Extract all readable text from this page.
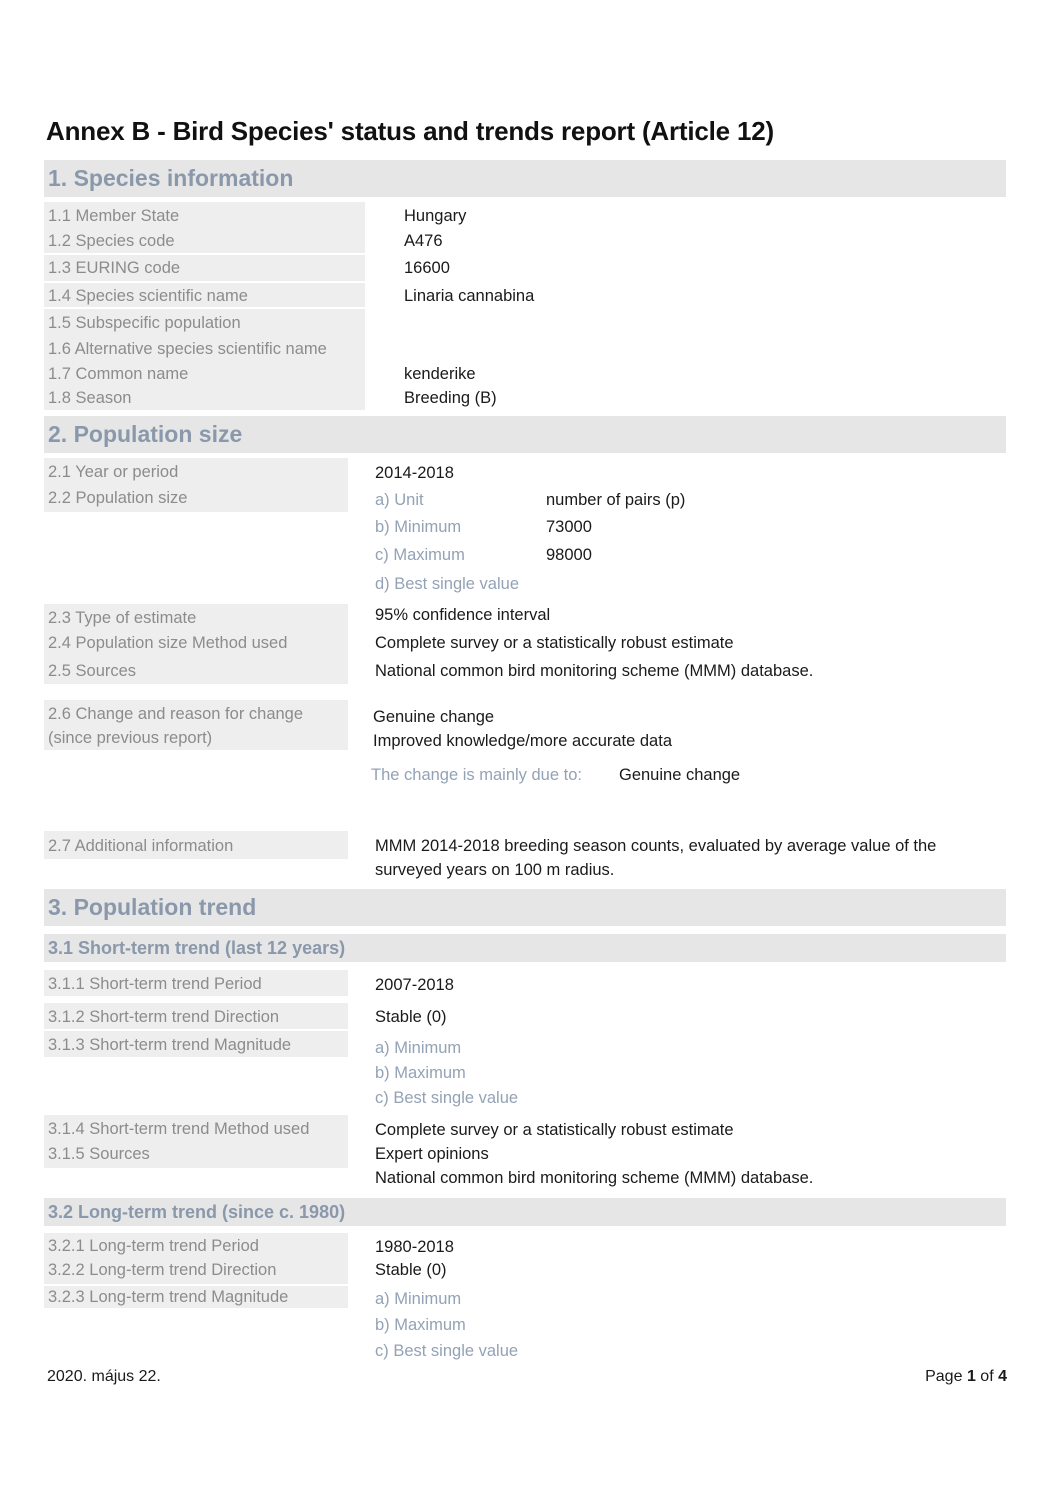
Annex B - Bird Species' status and trends report (Article 12)
1. Species information
1.1 Member State	Hungary
1.2 Species code	A476
1.3 EURING code	16600
1.4 Species scientific name	Linaria cannabina
1.5 Subspecific population
1.6 Alternative species scientific name
1.7 Common name	kenderike
1.8 Season	Breeding (B)
2. Population size
2.1 Year or period	2014-2018
2.2 Population size	a) Unit	number of pairs (p)
b) Minimum	73000
c) Maximum	98000
d) Best single value
2.3 Type of estimate	95% confidence interval
2.4 Population size Method used	Complete survey or a statistically robust estimate
2.5 Sources	National common bird monitoring scheme (MMM) database.
2.6 Change and reason for change
(since previous report)
Genuine change
Improved knowledge/more accurate data
The change is mainly due to: Genuine change
2.7 Additional information	MMM 2014-2018 breeding season counts, evaluated by average value of the
surveyed years on 100 m radius.
3. Population trend
3.1 Short-term trend (last 12 years)
3.1.1 Short-term trend Period	2007-2018
3.1.2 Short-term trend Direction	Stable (0)
3.1.3 Short-term trend Magnitude	a) Minimum
b) Maximum
c) Best single value
3.1.4 Short-term trend Method used	Complete survey or a statistically robust estimate
3.1.5 Sources	Expert opinions
National common bird monitoring scheme (MMM) database.
3.2 Long-term trend (since c. 1980)
3.2.1 Long-term trend Period	1980-2018
3.2.2 Long-term trend Direction	Stable (0)
3.2.3 Long-term trend Magnitude	a) Minimum
b) Maximum
c) Best single value
2020. május 22.	Page 1 of 4
